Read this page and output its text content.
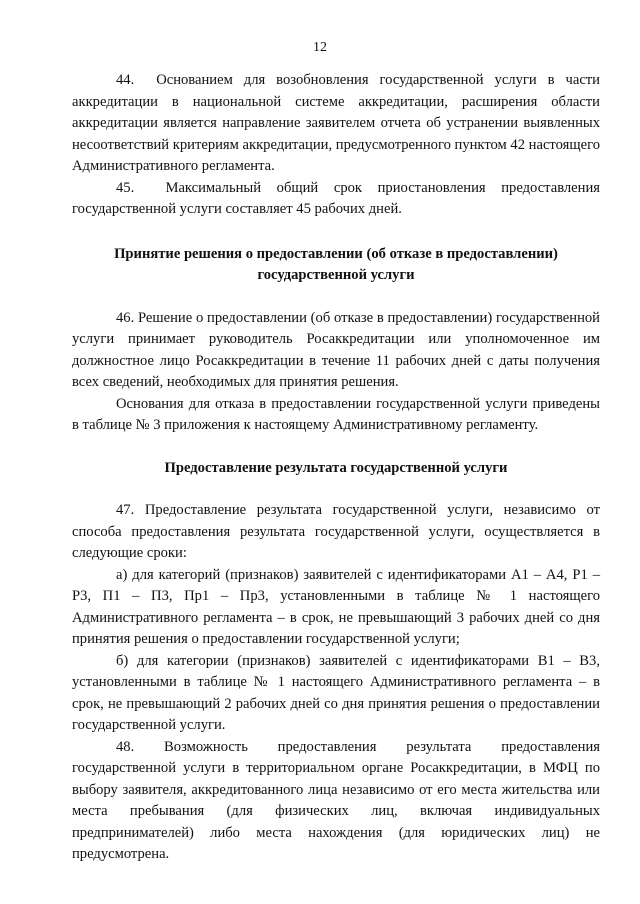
12

44.  Основанием для возобновления государственной услуги в части аккредитации в национальной системе аккредитации, расширения области аккредитации является направление заявителем отчета об устранении выявленных несоответствий критериям аккредитации, предусмотренного пунктом 42 настоящего Административного регламента.

45.  Максимальный общий срок приостановления предоставления государственной услуги составляет 45 рабочих дней.

Принятие решения о предоставлении (об отказе в предоставлении) государственной услуги

46. Решение о предоставлении (об отказе в предоставлении) государственной услуги принимает руководитель Росаккредитации или уполномоченное им должностное лицо Росаккредитации в течение 11 рабочих дней с даты получения всех сведений, необходимых для принятия решения.

Основания для отказа в предоставлении государственной услуги приведены в таблице № 3 приложения к настоящему Административному регламенту.

Предоставление результата государственной услуги

47. Предоставление результата государственной услуги, независимо от способа предоставления результата государственной услуги, осуществляется в следующие сроки:

а) для категорий (признаков) заявителей с идентификаторами А1 – А4, Р1 – Р3, П1 – П3, Пр1 – Пр3, установленными в таблице № 1 настоящего Административного регламента – в срок, не превышающий 3 рабочих дней со дня принятия решения о предоставлении государственной услуги;

б) для категории (признаков) заявителей с идентификаторами В1 – В3, установленными в таблице № 1 настоящего Административного регламента – в срок, не превышающий 2 рабочих дней со дня принятия решения о предоставлении государственной услуги.

48. Возможность предоставления результата предоставления государственной услуги в территориальном органе Росаккредитации, в МФЦ по выбору заявителя, аккредитованного лица независимо от его места жительства или места пребывания (для физических лиц, включая индивидуальных предпринимателей) либо места нахождения (для юридических лиц) не предусмотрена.
